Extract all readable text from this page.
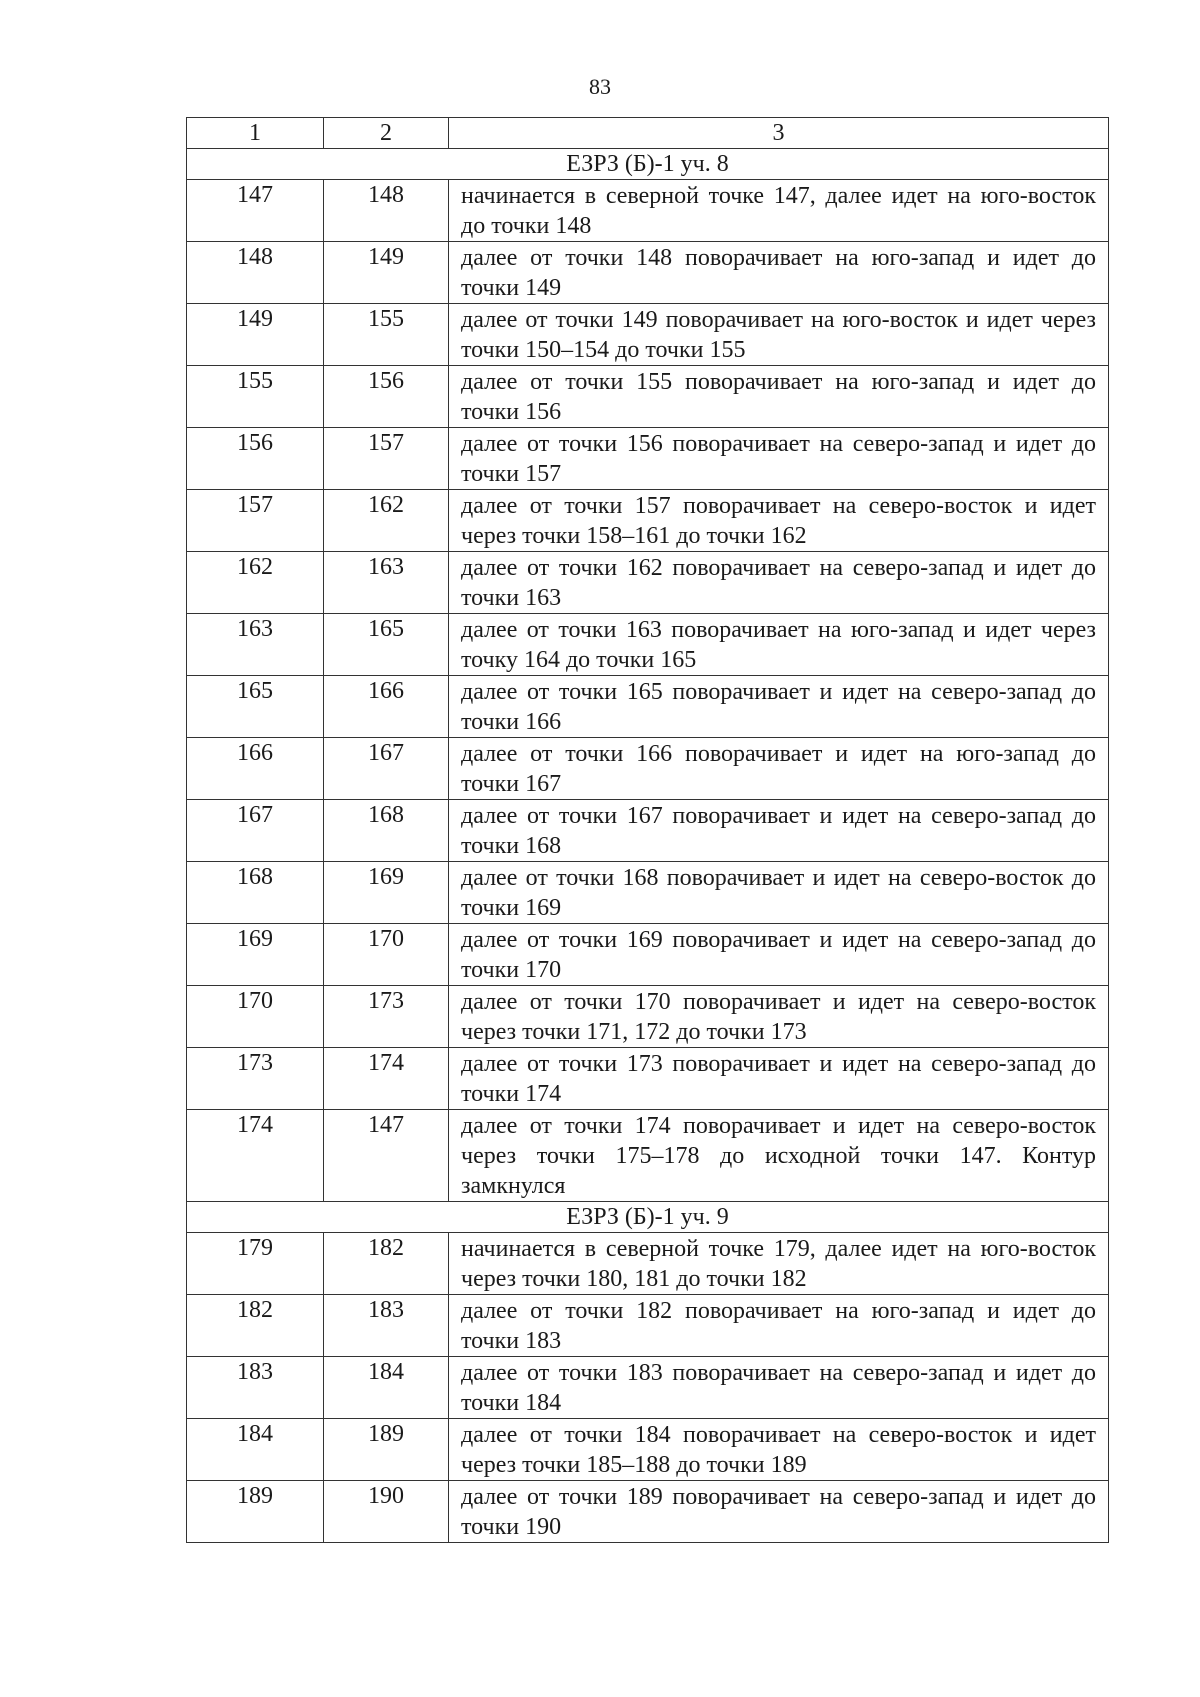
83
1	2	3
ЕЗРЗ (Б)-1 уч. 8		
147	148	начинается в северной точке 147, далее идет на юго-восток до точки 148
148	149	далее от точки 148 поворачивает на юго-запад и идет до точки 149
149	155	далее от точки 149 поворачивает на юго-восток и идет через точки 150–154 до точки 155
155	156	далее от точки 155 поворачивает на юго-запад и идет до точки 156
156	157	далее от точки 156 поворачивает на северо-запад и идет до точки 157
157	162	далее от точки 157 поворачивает на северо-восток и идет через точки 158–161 до точки 162
162	163	далее от точки 162 поворачивает на северо-запад и идет до точки 163
163	165	далее от точки 163 поворачивает на юго-запад и идет через точку 164 до точки 165
165	166	далее от точки 165 поворачивает и идет на северо-запад до точки 166
166	167	далее от точки 166 поворачивает и идет на юго-запад до точки 167
167	168	далее от точки 167 поворачивает и идет на северо-запад до точки 168
168	169	далее от точки 168 поворачивает и идет на северо-восток до точки 169
169	170	далее от точки 169 поворачивает и идет на северо-запад до точки 170
170	173	далее от точки 170 поворачивает и идет на северо-восток через точки 171, 172 до точки 173
173	174	далее от точки 173 поворачивает и идет на северо-запад до точки 174
174	147	далее от точки 174 поворачивает и идет на северо-восток через точки 175–178 до исходной точки 147. Контур замкнулся
ЕЗРЗ (Б)-1 уч. 9		
179	182	начинается в северной точке 179, далее идет на юго-восток через точки 180, 181 до точки 182
182	183	далее от точки 182 поворачивает на юго-запад и идет до точки 183
183	184	далее от точки 183 поворачивает на северо-запад и идет до точки 184
184	189	далее от точки 184 поворачивает на северо-восток и идет через точки 185–188 до точки 189
189	190	далее от точки 189 поворачивает на северо-запад и идет до точки 190
